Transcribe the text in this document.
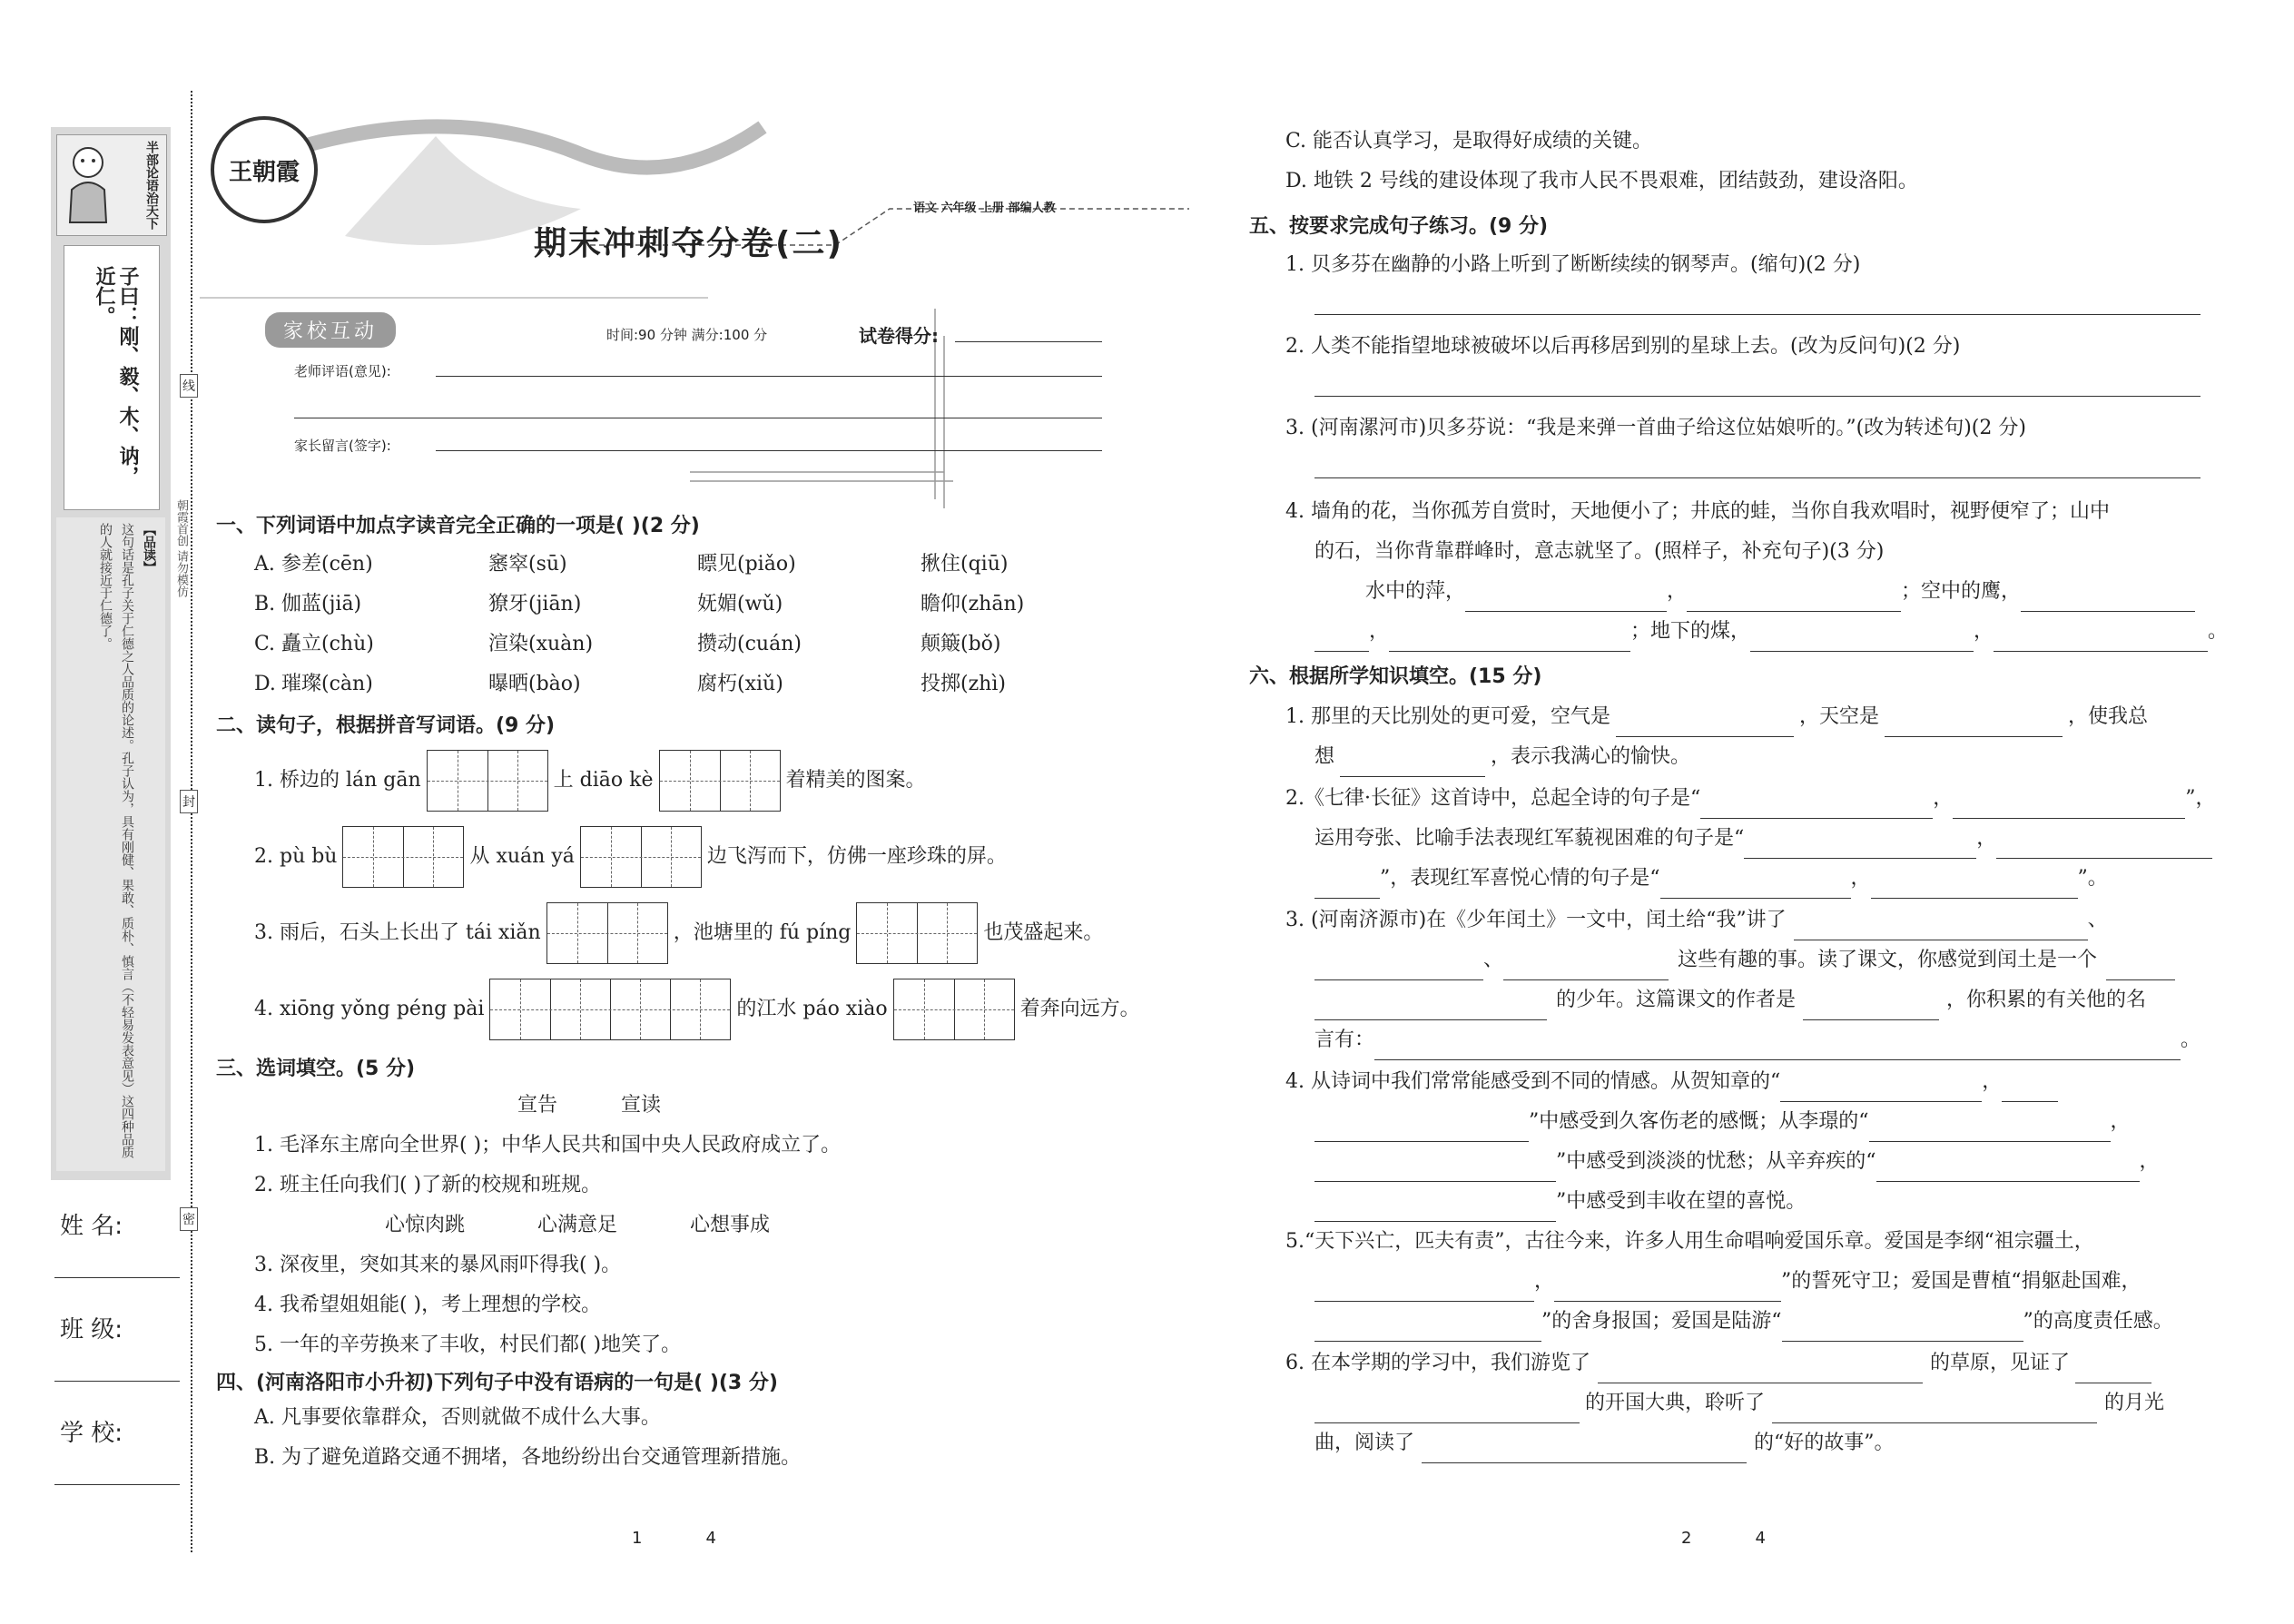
半部论语治天下
子曰：刚、毅、木、讷，近仁。
【品读】
这句话是孔子关于仁德之人品质的论述。孔子认为，具有刚健、果敢、质朴、慎言（不轻易发表意见）这四种品质的人就接近于仁德了。	朝霞首创 请勿模仿
姓 名:
班 级:
学 校:
线
封
密
王朝霞
语文 六年级 上册 部编人教
期末冲刺夺分卷(二)
家校互动	时间:90 分钟 满分:100 分	试卷得分:
老师评语(意见):
家长留言(签字):
一、下列词语中加点字读音完全正确的一项是( )(2 分)
A. 参差(cēn)	窸窣(sū)	瞟见(piǎo)	揪住(qiū)
B. 伽蓝(jiā)	獠牙(jiān)	妩媚(wǔ)	瞻仰(zhān)
C. 矗立(chù)	渲染(xuàn)	攒动(cuán)	颠簸(bǒ)
D. 璀璨(càn)	曝晒(bào)	腐朽(xiǔ)	投掷(zhì)
二、读句子，根据拼音写词语。(9 分)
1. 桥边的 lán gān	上 diāo kè	着精美的图案。
2. pù bù	从 xuán yá	边飞泻而下，仿佛一座珍珠的屏。
3. 雨后，石头上长出了 tái xiǎn	，池塘里的 fú píng	也茂盛起来。
4. xiōng yǒng péng pài	的江水 páo xiào	着奔向远方。
三、选词填空。(5 分)
宣告	宣读
1. 毛泽东主席向全世界( )；中华人民共和国中央人民政府成立了。
2. 班主任向我们( )了新的校规和班规。
心惊肉跳	心满意足	心想事成
3. 深夜里，突如其来的暴风雨吓得我( )。
4. 我希望姐姐能( )，考上理想的学校。
5. 一年的辛劳换来了丰收，村民们都( )地笑了。
四、(河南洛阳市小升初)下列句子中没有语病的一句是( )(3 分)
A. 凡事要依靠群众，否则就做不成什么大事。
B. 为了避免道路交通不拥堵，各地纷纷出台交通管理新措施。
1	4
C. 能否认真学习，是取得好成绩的关键。
D. 地铁 2 号线的建设体现了我市人民不畏艰难，团结鼓劲，建设洛阳。
五、按要求完成句子练习。(9 分)
1. 贝多芬在幽静的小路上听到了断断续续的钢琴声。(缩句)(2 分)
2. 人类不能指望地球被破坏以后再移居到别的星球上去。(改为反问句)(2 分)
3. (河南漯河市)贝多芬说：“我是来弹一首曲子给这位姑娘听的。”(改为转述句)(2 分)
4. 墙角的花，当你孤芳自赏时，天地便小了；井底的蛙，当你自我欢唱时，视野便窄了；山中
的石，当你背靠群峰时，意志就坚了。(照样子，补充句子)(3 分)
水中的萍，	，	；空中的鹰，
，	；地下的煤，	，	。
六、根据所学知识填空。(15 分)
1. 那里的天比别处的更可爱，空气是	，天空是	，使我总
想	，表示我满心的愉快。
2.《七律·长征》这首诗中，总起全诗的句子是“	，	”，
运用夸张、比喻手法表现红军藐视困难的句子是“	，
”，表现红军喜悦心情的句子是“	，	”。
3. (河南济源市)在《少年闰土》一文中，闰土给“我”讲了	、
、	这些有趣的事。读了课文，你感觉到闰土是一个
的少年。这篇课文的作者是	，你积累的有关他的名
言有：	。
4. 从诗词中我们常常能感受到不同的情感。从贺知章的“	，
”中感受到久客伤老的感慨；从李璟的“	，
”中感受到淡淡的忧愁；从辛弃疾的“	，
”中感受到丰收在望的喜悦。
5.“天下兴亡，匹夫有责”，古往今来，许多人用生命唱响爱国乐章。爱国是李纲“祖宗疆土，
，	”的誓死守卫；爱国是曹植“捐躯赴国难，
”的舍身报国；爱国是陆游“	”的高度责任感。
6. 在本学期的学习中，我们游览了	的草原，见证了
的开国大典，聆听了	的月光
曲，阅读了	的“好的故事”。
2	4
